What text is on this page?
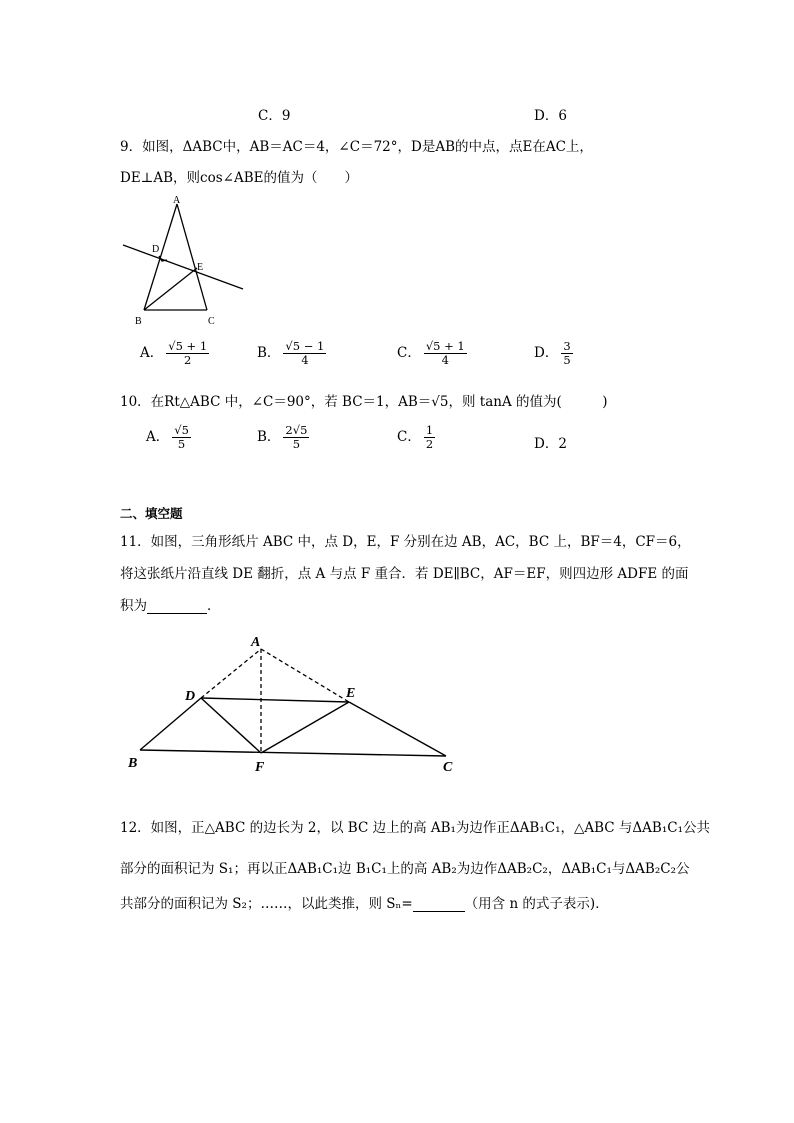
C．9	D．6
9．如图，ΔABC中，AB＝AC＝4，∠C＝72°，D是AB的中点，点E在AC上，
DE⊥AB，则cos∠ABE的值为（　　）
A
D
E
B	C
A． $\frac{√5 + 1}{2}$	B． $\frac{√5 - 1}{4}$	C． $\frac{√5 + 1}{4}$	D． $\frac{3}{5}$
10．在Rt△ABC 中，∠C＝90°，若 BC＝1，AB＝√5，则 tanA 的值为(　　　)
A． $\frac{√5}{5}$	B． $\frac{2√5}{5}$	C． $\frac{1}{2}$	D．2
二、填空题
11．如图，三角形纸片 ABC 中，点 D，E，F 分别在边 AB，AC，BC 上，BF＝4，CF＝6，
将这张纸片沿直线 DE 翻折，点 A 与点 F 重合．若 DE∥BC，AF＝EF，则四边形 ADFE 的面
积为	．
A
D	E
B	F	C
12．如图，正△ABC 的边长为 2，以 BC 边上的高 AB₁为边作正ΔAB₁C₁，△ABC 与ΔAB₁C₁公共
部分的面积记为 S₁；再以正ΔAB₁C₁边 B₁C₁上的高 AB₂为边作ΔAB₂C₂，ΔAB₁C₁与ΔAB₂C₂公
共部分的面积记为 S₂；……，以此类推，则 Sₙ=	（用含 n 的式子表示)．
